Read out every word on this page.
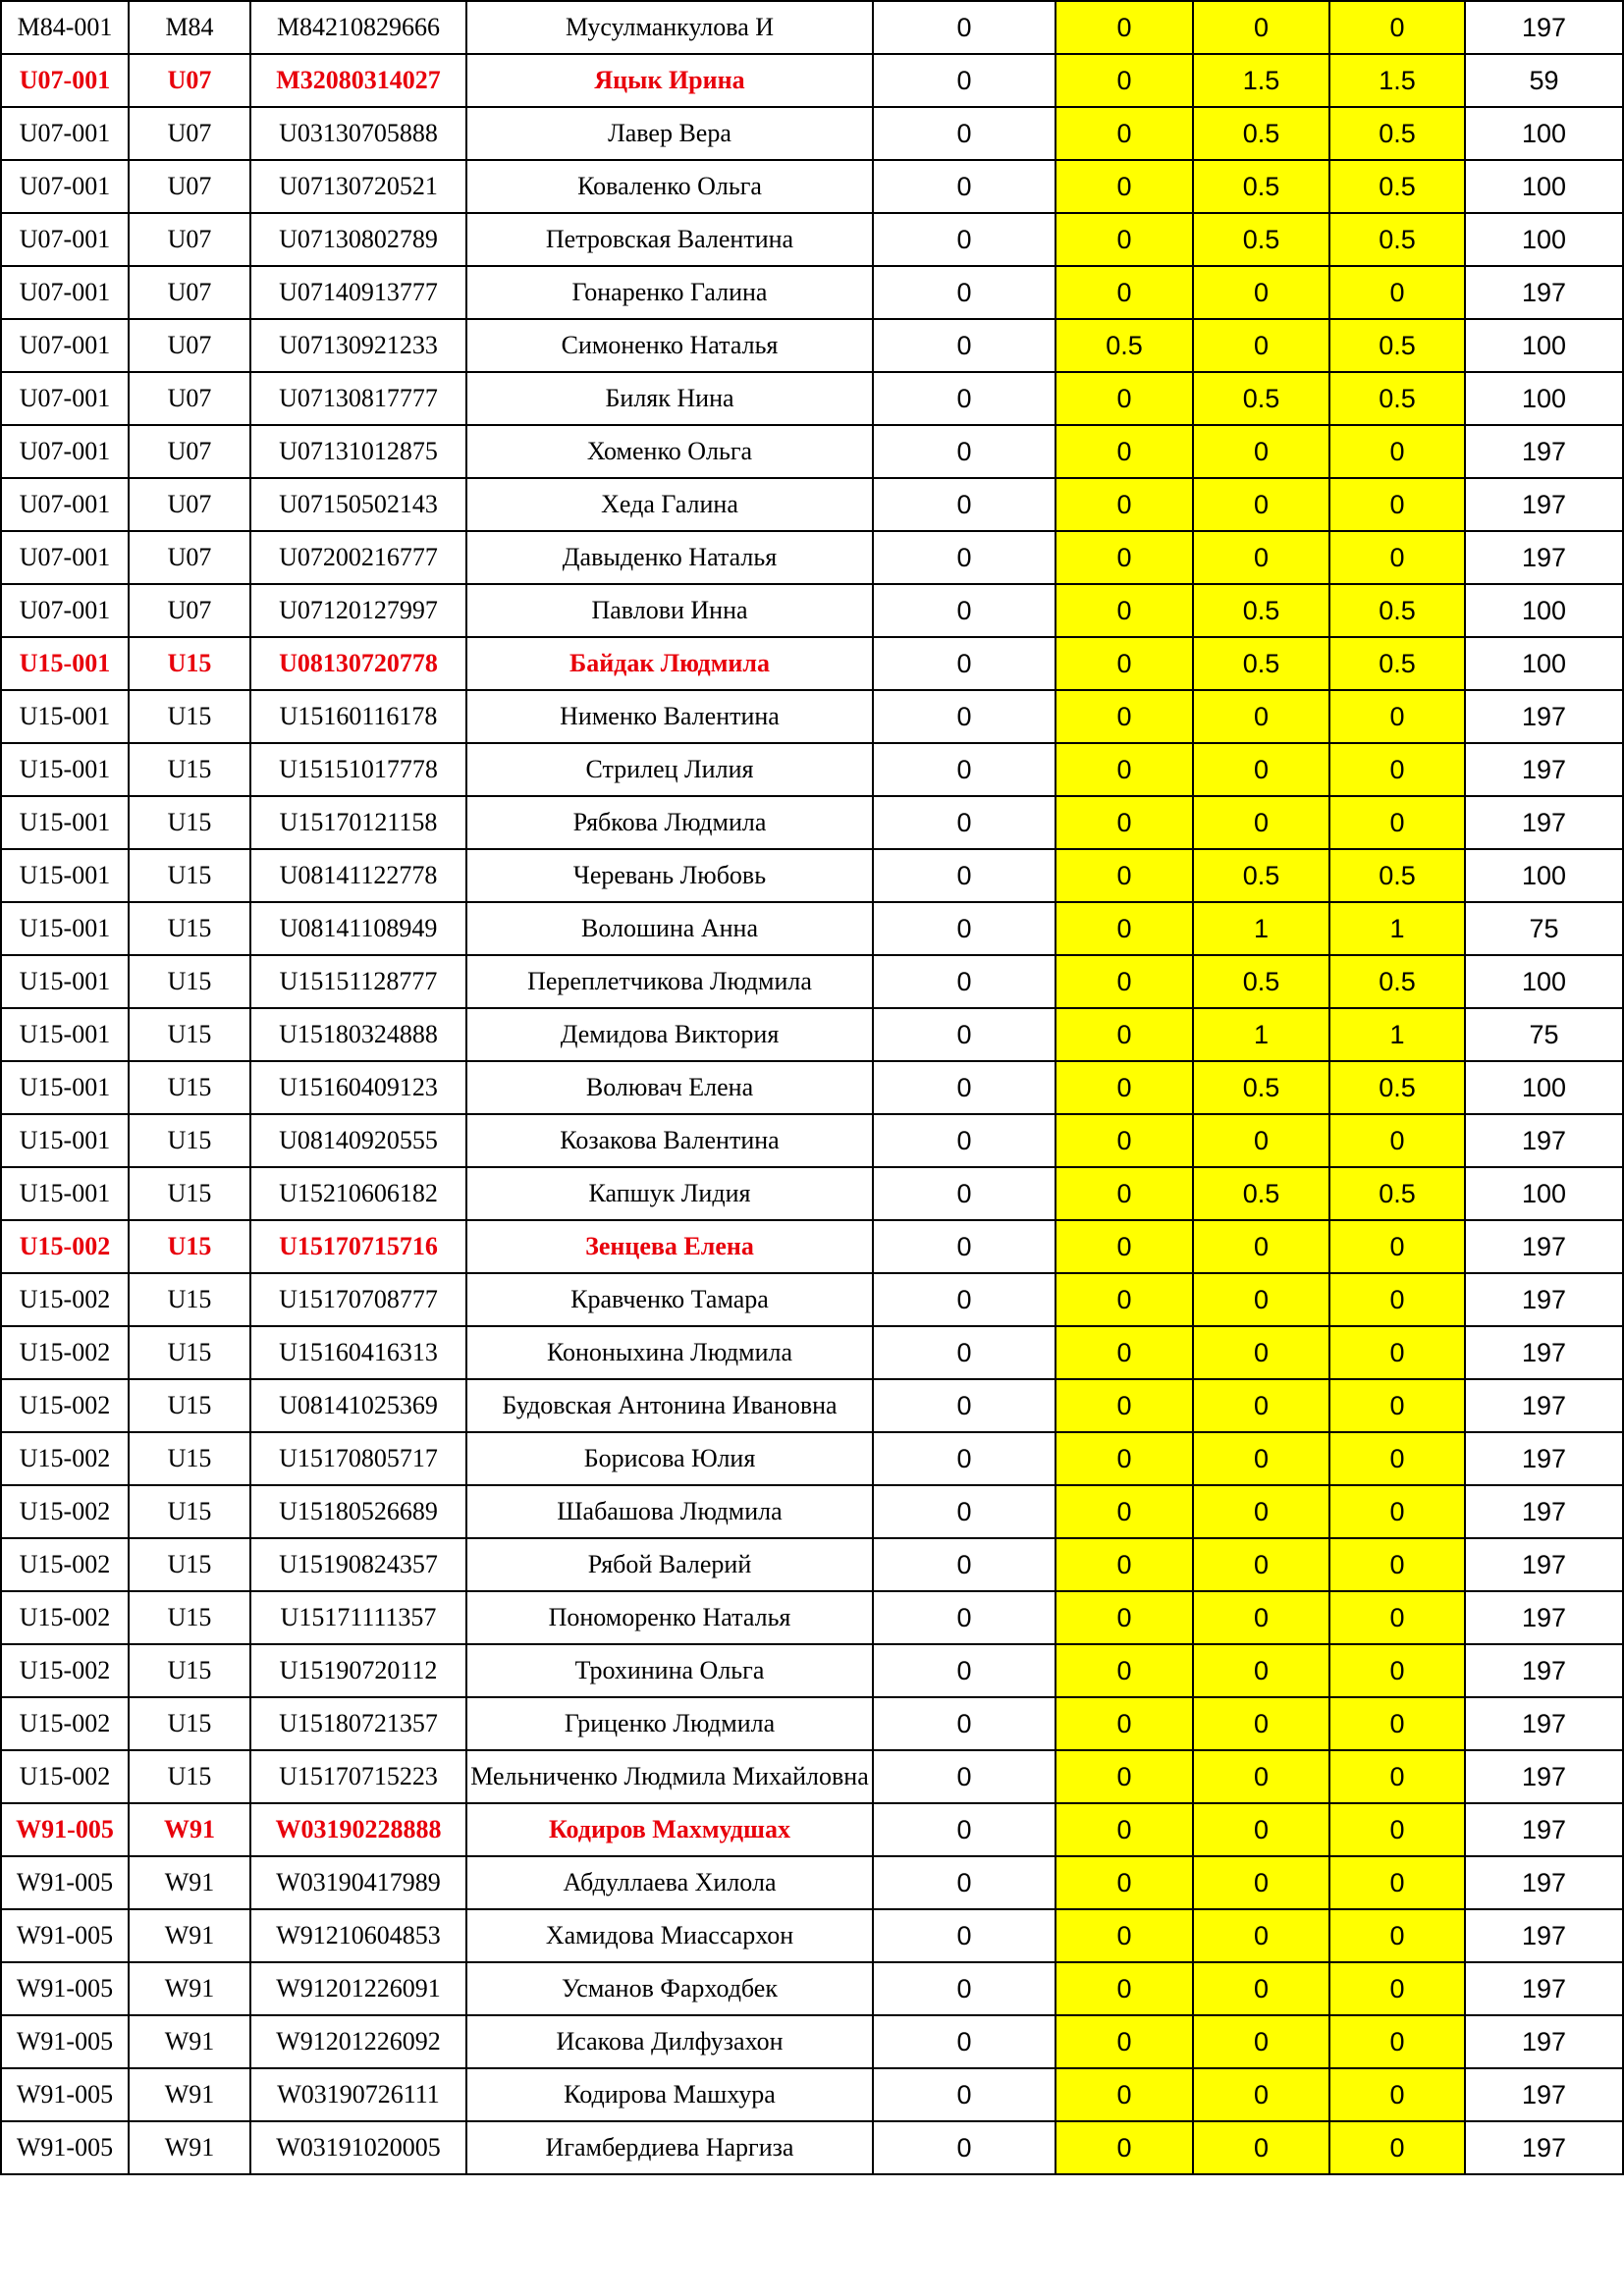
M84-001	M84	M84210829666	Мусулманкулова И	0	0	0	0	197
U07-001	U07	M32080314027	Яцык Ирина	0	0	1.5	1.5	59
U07-001	U07	U03130705888	Лавер Вера	0	0	0.5	0.5	100
U07-001	U07	U07130720521	Коваленко Ольга	0	0	0.5	0.5	100
U07-001	U07	U07130802789	Петровская Валентина	0	0	0.5	0.5	100
U07-001	U07	U07140913777	Гонаренко Галина	0	0	0	0	197
U07-001	U07	U07130921233	Симоненко Наталья	0	0.5	0	0.5	100
U07-001	U07	U07130817777	Биляк Нина	0	0	0.5	0.5	100
U07-001	U07	U07131012875	Хоменко Ольга	0	0	0	0	197
U07-001	U07	U07150502143	Хеда Галина	0	0	0	0	197
U07-001	U07	U07200216777	Давыденко Наталья	0	0	0	0	197
U07-001	U07	U07120127997	Павлови Инна	0	0	0.5	0.5	100
U15-001	U15	U08130720778	Байдак Людмила	0	0	0.5	0.5	100
U15-001	U15	U15160116178	Нименко Валентина	0	0	0	0	197
U15-001	U15	U15151017778	Стрилец Лилия	0	0	0	0	197
U15-001	U15	U15170121158	Рябкова Людмила	0	0	0	0	197
U15-001	U15	U08141122778	Черевань Любовь	0	0	0.5	0.5	100
U15-001	U15	U08141108949	Волошина Анна	0	0	1	1	75
U15-001	U15	U15151128777	Переплетчикова Людмила	0	0	0.5	0.5	100
U15-001	U15	U15180324888	Демидова Виктория	0	0	1	1	75
U15-001	U15	U15160409123	Волювач Елена	0	0	0.5	0.5	100
U15-001	U15	U08140920555	Козакова Валентина	0	0	0	0	197
U15-001	U15	U15210606182	Капшук Лидия	0	0	0.5	0.5	100
U15-002	U15	U15170715716	Зенцева Елена	0	0	0	0	197
U15-002	U15	U15170708777	Кравченко Тамара	0	0	0	0	197
U15-002	U15	U15160416313	Кононыхина Людмила	0	0	0	0	197
U15-002	U15	U08141025369	Будовская Антонина Ивановна	0	0	0	0	197
U15-002	U15	U15170805717	Борисова Юлия	0	0	0	0	197
U15-002	U15	U15180526689	Шабашова Людмила	0	0	0	0	197
U15-002	U15	U15190824357	Рябой Валерий	0	0	0	0	197
U15-002	U15	U15171111357	Пономоренко Наталья	0	0	0	0	197
U15-002	U15	U15190720112	Трохинина Ольга	0	0	0	0	197
U15-002	U15	U15180721357	Гриценко Людмила	0	0	0	0	197
U15-002	U15	U15170715223	Мельниченко Людмила Михайловна	0	0	0	0	197
W91-005	W91	W03190228888	Кодиров Махмудшах	0	0	0	0	197
W91-005	W91	W03190417989	Абдуллаева Хилола	0	0	0	0	197
W91-005	W91	W91210604853	Хамидова Миассархон	0	0	0	0	197
W91-005	W91	W91201226091	Усманов Фарходбек	0	0	0	0	197
W91-005	W91	W91201226092	Исакова Дилфузахон	0	0	0	0	197
W91-005	W91	W03190726111	Кодирова Машхура	0	0	0	0	197
W91-005	W91	W03191020005	Игамбердиева Наргиза	0	0	0	0	197
